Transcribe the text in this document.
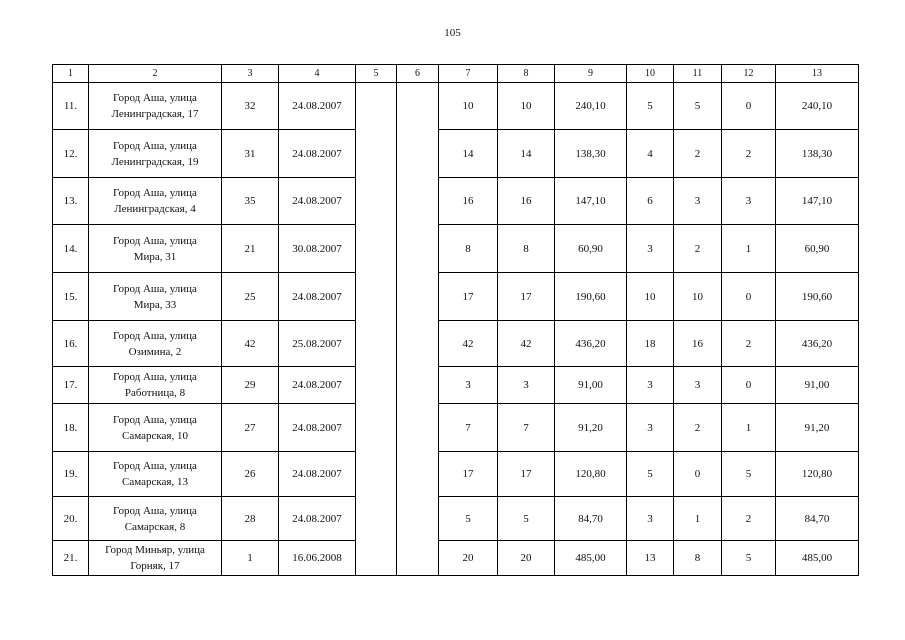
105
1	2	3	4	5	6	7	8	9	10	11	12	13
11.	Город Аша, улица
Ленинградская, 17	32	24.08.2007			10	10	240,10	5	5	0	240,10
12.	Город Аша, улица
Ленинградская, 19	31	24.08.2007			14	14	138,30	4	2	2	138,30
13.	Город Аша, улица
Ленинградская, 4	35	24.08.2007			16	16	147,10	6	3	3	147,10
14.	Город Аша, улица
Мира, 31	21	30.08.2007			8	8	60,90	3	2	1	60,90
15.	Город Аша, улица
Мира, 33	25	24.08.2007			17	17	190,60	10	10	0	190,60
16.	Город Аша, улица
Озимина, 2	42	25.08.2007			42	42	436,20	18	16	2	436,20
17.	Город Аша, улица
Работница, 8	29	24.08.2007			3	3	91,00	3	3	0	91,00
18.	Город Аша, улица
Самарская, 10	27	24.08.2007			7	7	91,20	3	2	1	91,20
19.	Город Аша, улица
Самарская, 13	26	24.08.2007			17	17	120,80	5	0	5	120,80
20.	Город Аша, улица
Самарская, 8	28	24.08.2007			5	5	84,70	3	1	2	84,70
21.	Город Миньяр, улица
Горняк, 17	1	16.06.2008			20	20	485,00	13	8	5	485,00
